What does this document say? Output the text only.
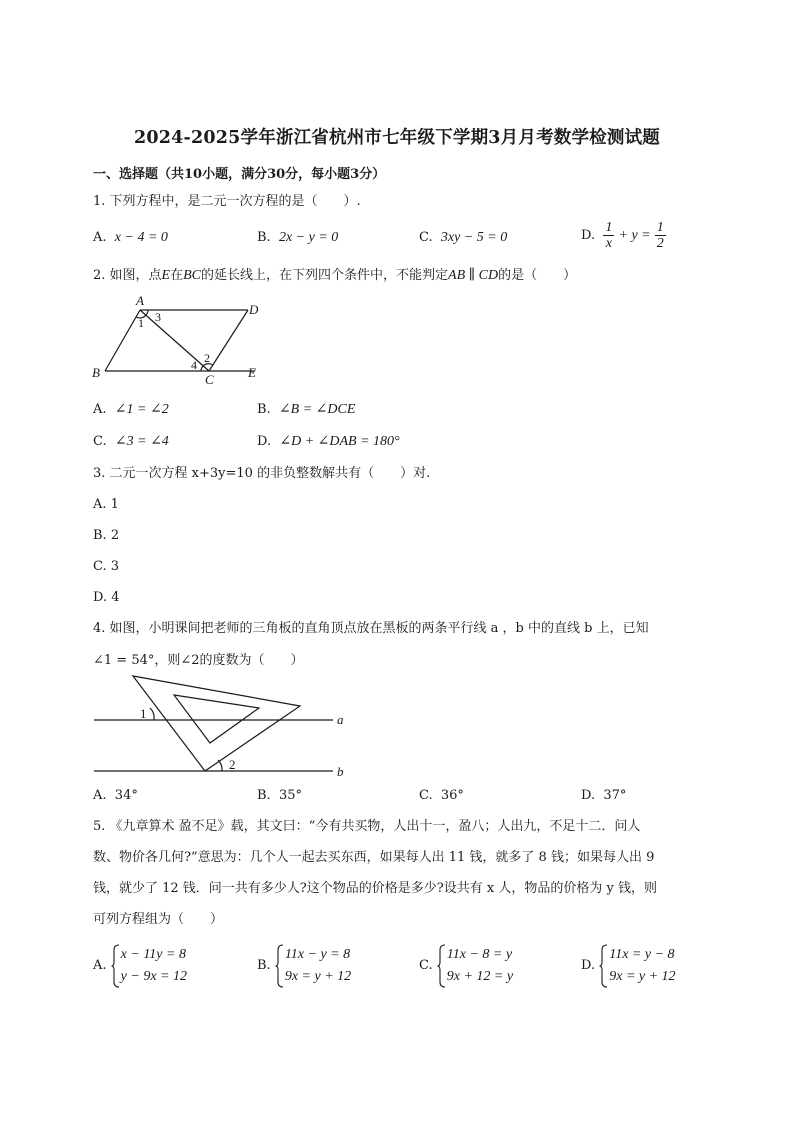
2024-2025学年浙江省杭州市七年级下学期3月月考数学检测试题
一、选择题（共10小题，满分30分，每小题3分）
1. 下列方程中，是二元一次方程的是（　　）.
A. x − 4 = 0	B. 2x − y = 0	C. 3xy − 5 = 0	D. $\frac{1}{x} + y = \frac{1}{2}$
2. 如图，点E在BC的延长线上，在下列四个条件中，不能判定AB ∥ CD的是（　　）
A
D
B	C	E
1 3
2
4
A. ∠1 = ∠2	B. ∠B = ∠DCE
C. ∠3 = ∠4	D. ∠D + ∠DAB = 180°
3. 二元一次方程 x+3y=10 的非负整数解共有（　　）对.
A. 1
B. 2
C. 3
D. 4
4. 如图，小明课间把老师的三角板的直角顶点放在黑板的两条平行线 a ，b 中的直线 b 上，已知
∠1 = 54°，则∠2的度数为（　　）
1
2
a
b
A. 34°	B. 35°	C. 36°	D. 37°
5. 《九章算术 盈不足》载，其文曰：“今有共买物，人出十一，盈八；人出九，不足十二．问人
数、物价各几何?”意思为：几个人一起去买东西，如果每人出 11 钱，就多了 8 钱；如果每人出 9
钱，就少了 12 钱．问一共有多少人?这个物品的价格是多少?设共有 x 人，物品的价格为 y 钱，则
可列方程组为（　　）
A.
x − 11y = 8
y − 9x = 12
B.
11x − y = 8
9x = y + 12
C.
11x − 8 = y
9x + 12 = y
D.
11x = y − 8
9x = y + 12
